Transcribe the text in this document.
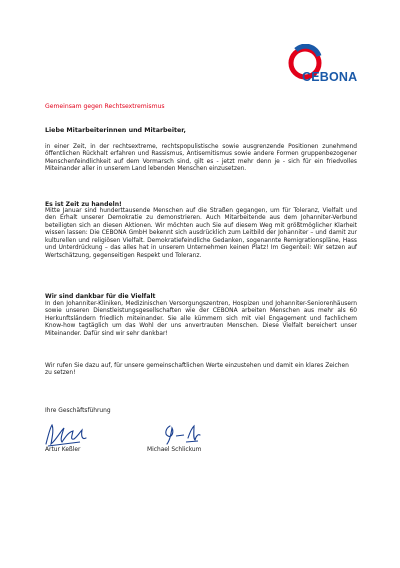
CEBONA
Gemeinsam gegen Rechtsextremismus
Liebe Mitarbeiterinnen und Mitarbeiter,

in einer Zeit, in der rechtsextreme, rechtspopulistische sowie ausgrenzende Positionen zunehmend öffentlichen Rückhalt erfahren und Rassismus, Antisemitismus sowie andere Formen gruppenbezogener Menschenfeindlichkeit auf dem Vormarsch sind, gilt es - jetzt mehr denn je - sich für ein friedvolles Miteinander aller in unserem Land lebenden Menschen einzusetzen.

Es ist Zeit zu handeln!

Mitte Januar sind hunderttausende Menschen auf die Straßen gegangen, um für Toleranz, Vielfalt und den Erhalt unserer Demokratie zu demonstrieren. Auch Mitarbeitende aus dem Johanniter-Verbund beteiligten sich an diesen Aktionen. Wir möchten auch Sie auf diesem Weg mit größtmöglicher Klarheit wissen lassen: Die CEBONA GmbH bekennt sich ausdrücklich zum Leitbild der Johanniter – und damit zur kulturellen und religiösen Vielfalt. Demokratiefeindliche Gedanken, sogenannte Remigrationspläne, Hass und Unterdrückung – das alles hat in unserem Unternehmen keinen Platz! Im Gegenteil: Wir setzen auf Wertschätzung, gegenseitigen Respekt und Toleranz.

Wir sind dankbar für die Vielfalt

In den Johanniter-Kliniken, Medizinischen Versorgungszentren, Hospizen und Johanniter-Seniorenhäusern sowie unseren Dienstleistungsgesellschaften wie der CEBONA arbeiten Menschen aus mehr als 60 Herkunftsländern friedlich miteinander. Sie alle kümmern sich mit viel Engagement und fachlichem Know-how tagtäglich um das Wohl der uns anvertrauten Menschen. Diese Vielfalt bereichert unser Miteinander. Dafür sind wir sehr dankbar!

Wir rufen Sie dazu auf, für unsere gemeinschaftlichen Werte einzustehen und damit ein klares Zeichen zu setzen!

Ihre Geschäftsführung
Artur Keßler	Michael Schlickum
